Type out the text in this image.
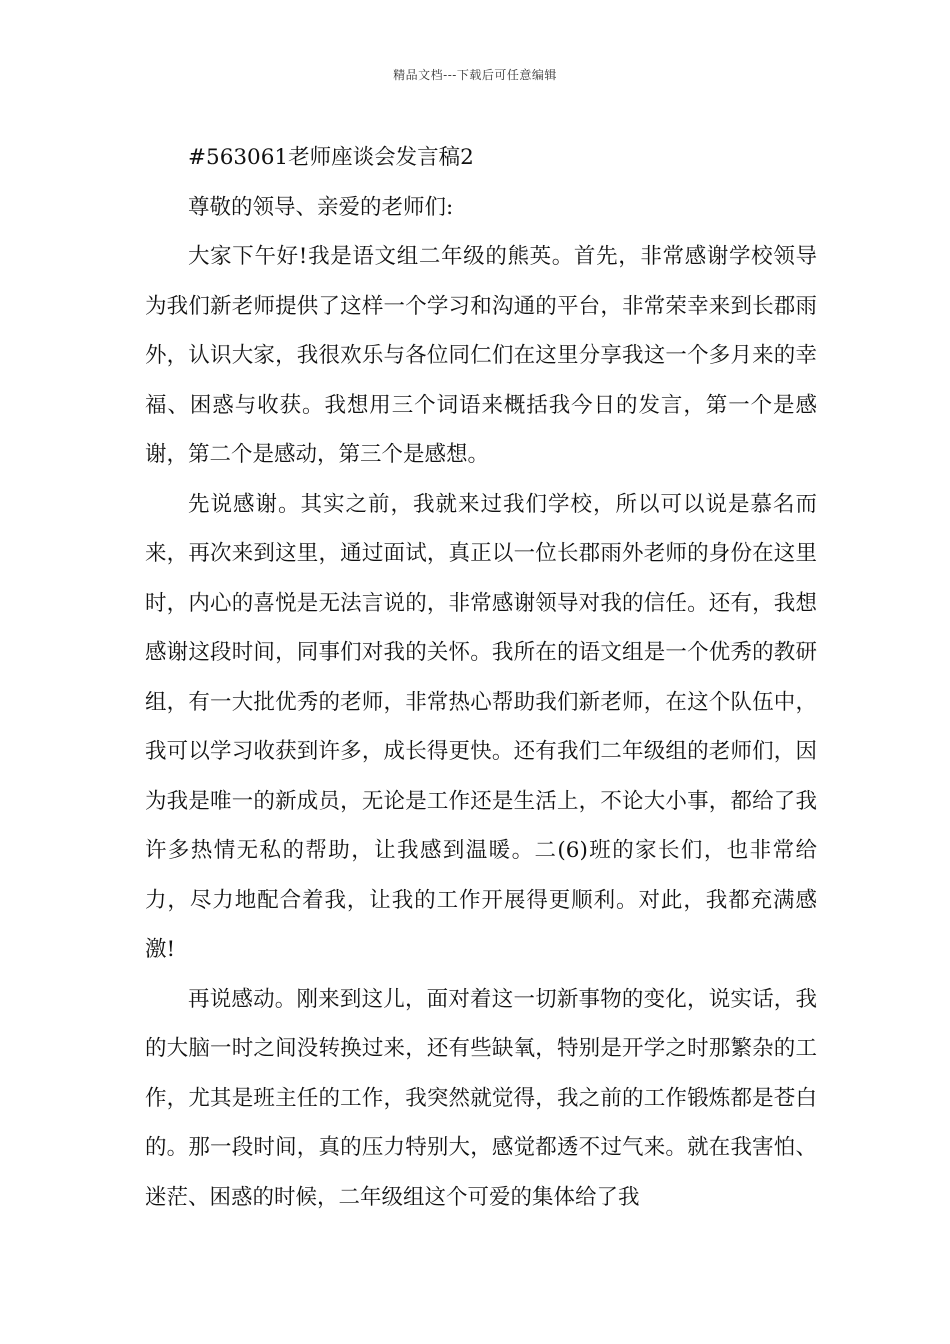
精品文档---下载后可任意编辑

#563061老师座谈会发言稿2

尊敬的领导、亲爱的老师们:

大家下午好!我是语文组二年级的熊英。首先，非常感谢学校领导为我们新老师提供了这样一个学习和沟通的平台，非常荣幸来到长郡雨外，认识大家，我很欢乐与各位同仁们在这里分享我这一个多月来的幸福、困惑与收获。我想用三个词语来概括我今日的发言，第一个是感谢，第二个是感动，第三个是感想。

先说感谢。其实之前，我就来过我们学校，所以可以说是慕名而来，再次来到这里，通过面试，真正以一位长郡雨外老师的身份在这里时，内心的喜悦是无法言说的，非常感谢领导对我的信任。还有，我想感谢这段时间，同事们对我的关怀。我所在的语文组是一个优秀的教研组，有一大批优秀的老师，非常热心帮助我们新老师，在这个队伍中，我可以学习收获到许多，成长得更快。还有我们二年级组的老师们，因为我是唯一的新成员，无论是工作还是生活上，不论大小事，都给了我许多热情无私的帮助，让我感到温暖。二(6)班的家长们，也非常给力，尽力地配合着我，让我的工作开展得更顺利。对此，我都充满感激!

再说感动。刚来到这儿，面对着这一切新事物的变化，说实话，我的大脑一时之间没转换过来，还有些缺氧，特别是开学之时那繁杂的工作，尤其是班主任的工作，我突然就觉得，我之前的工作锻炼都是苍白的。那一段时间，真的压力特别大，感觉都透不过气来。就在我害怕、迷茫、困惑的时候，二年级组这个可爱的集体给了我
